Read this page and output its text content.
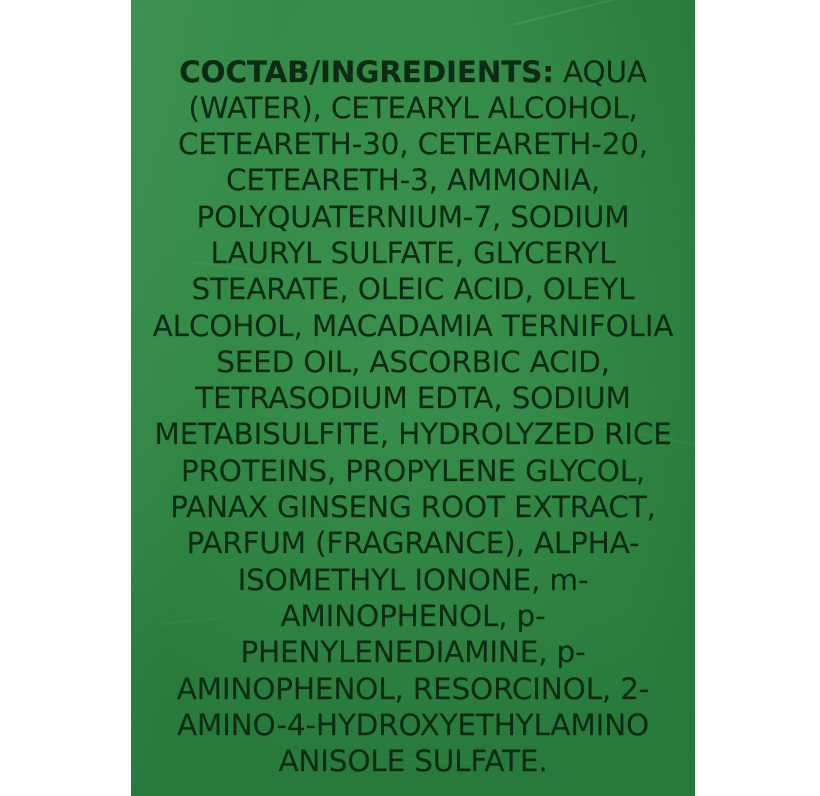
COCTAB/INGREDIENTS: AQUA (WATER), CETEARYL ALCOHOL, CETEARETH-30, CETEARETH-20, CETEARETH-3, AMMONIA, POLYQUATERNIUM-7, SODIUM LAURYL SULFATE, GLYCERYL STEARATE, OLEIC ACID, OLEYL ALCOHOL, MACADAMIA TERNIFOLIA SEED OIL, ASCORBIC ACID, TETRASODIUM EDTA, SODIUM METABISULFITE, HYDROLYZED RICE PROTEINS, PROPYLENE GLYCOL, PANAX GINSENG ROOT EXTRACT, PARFUM (FRAGRANCE), ALPHA-ISOMETHYL IONONE, m-AMINOPHENOL, p-PHENYLENEDIAMINE, p-AMINOPHENOL, RESORCINOL, 2-AMINO-4-HYDROXYETHYLAMINO ANISOLE SULFATE.
